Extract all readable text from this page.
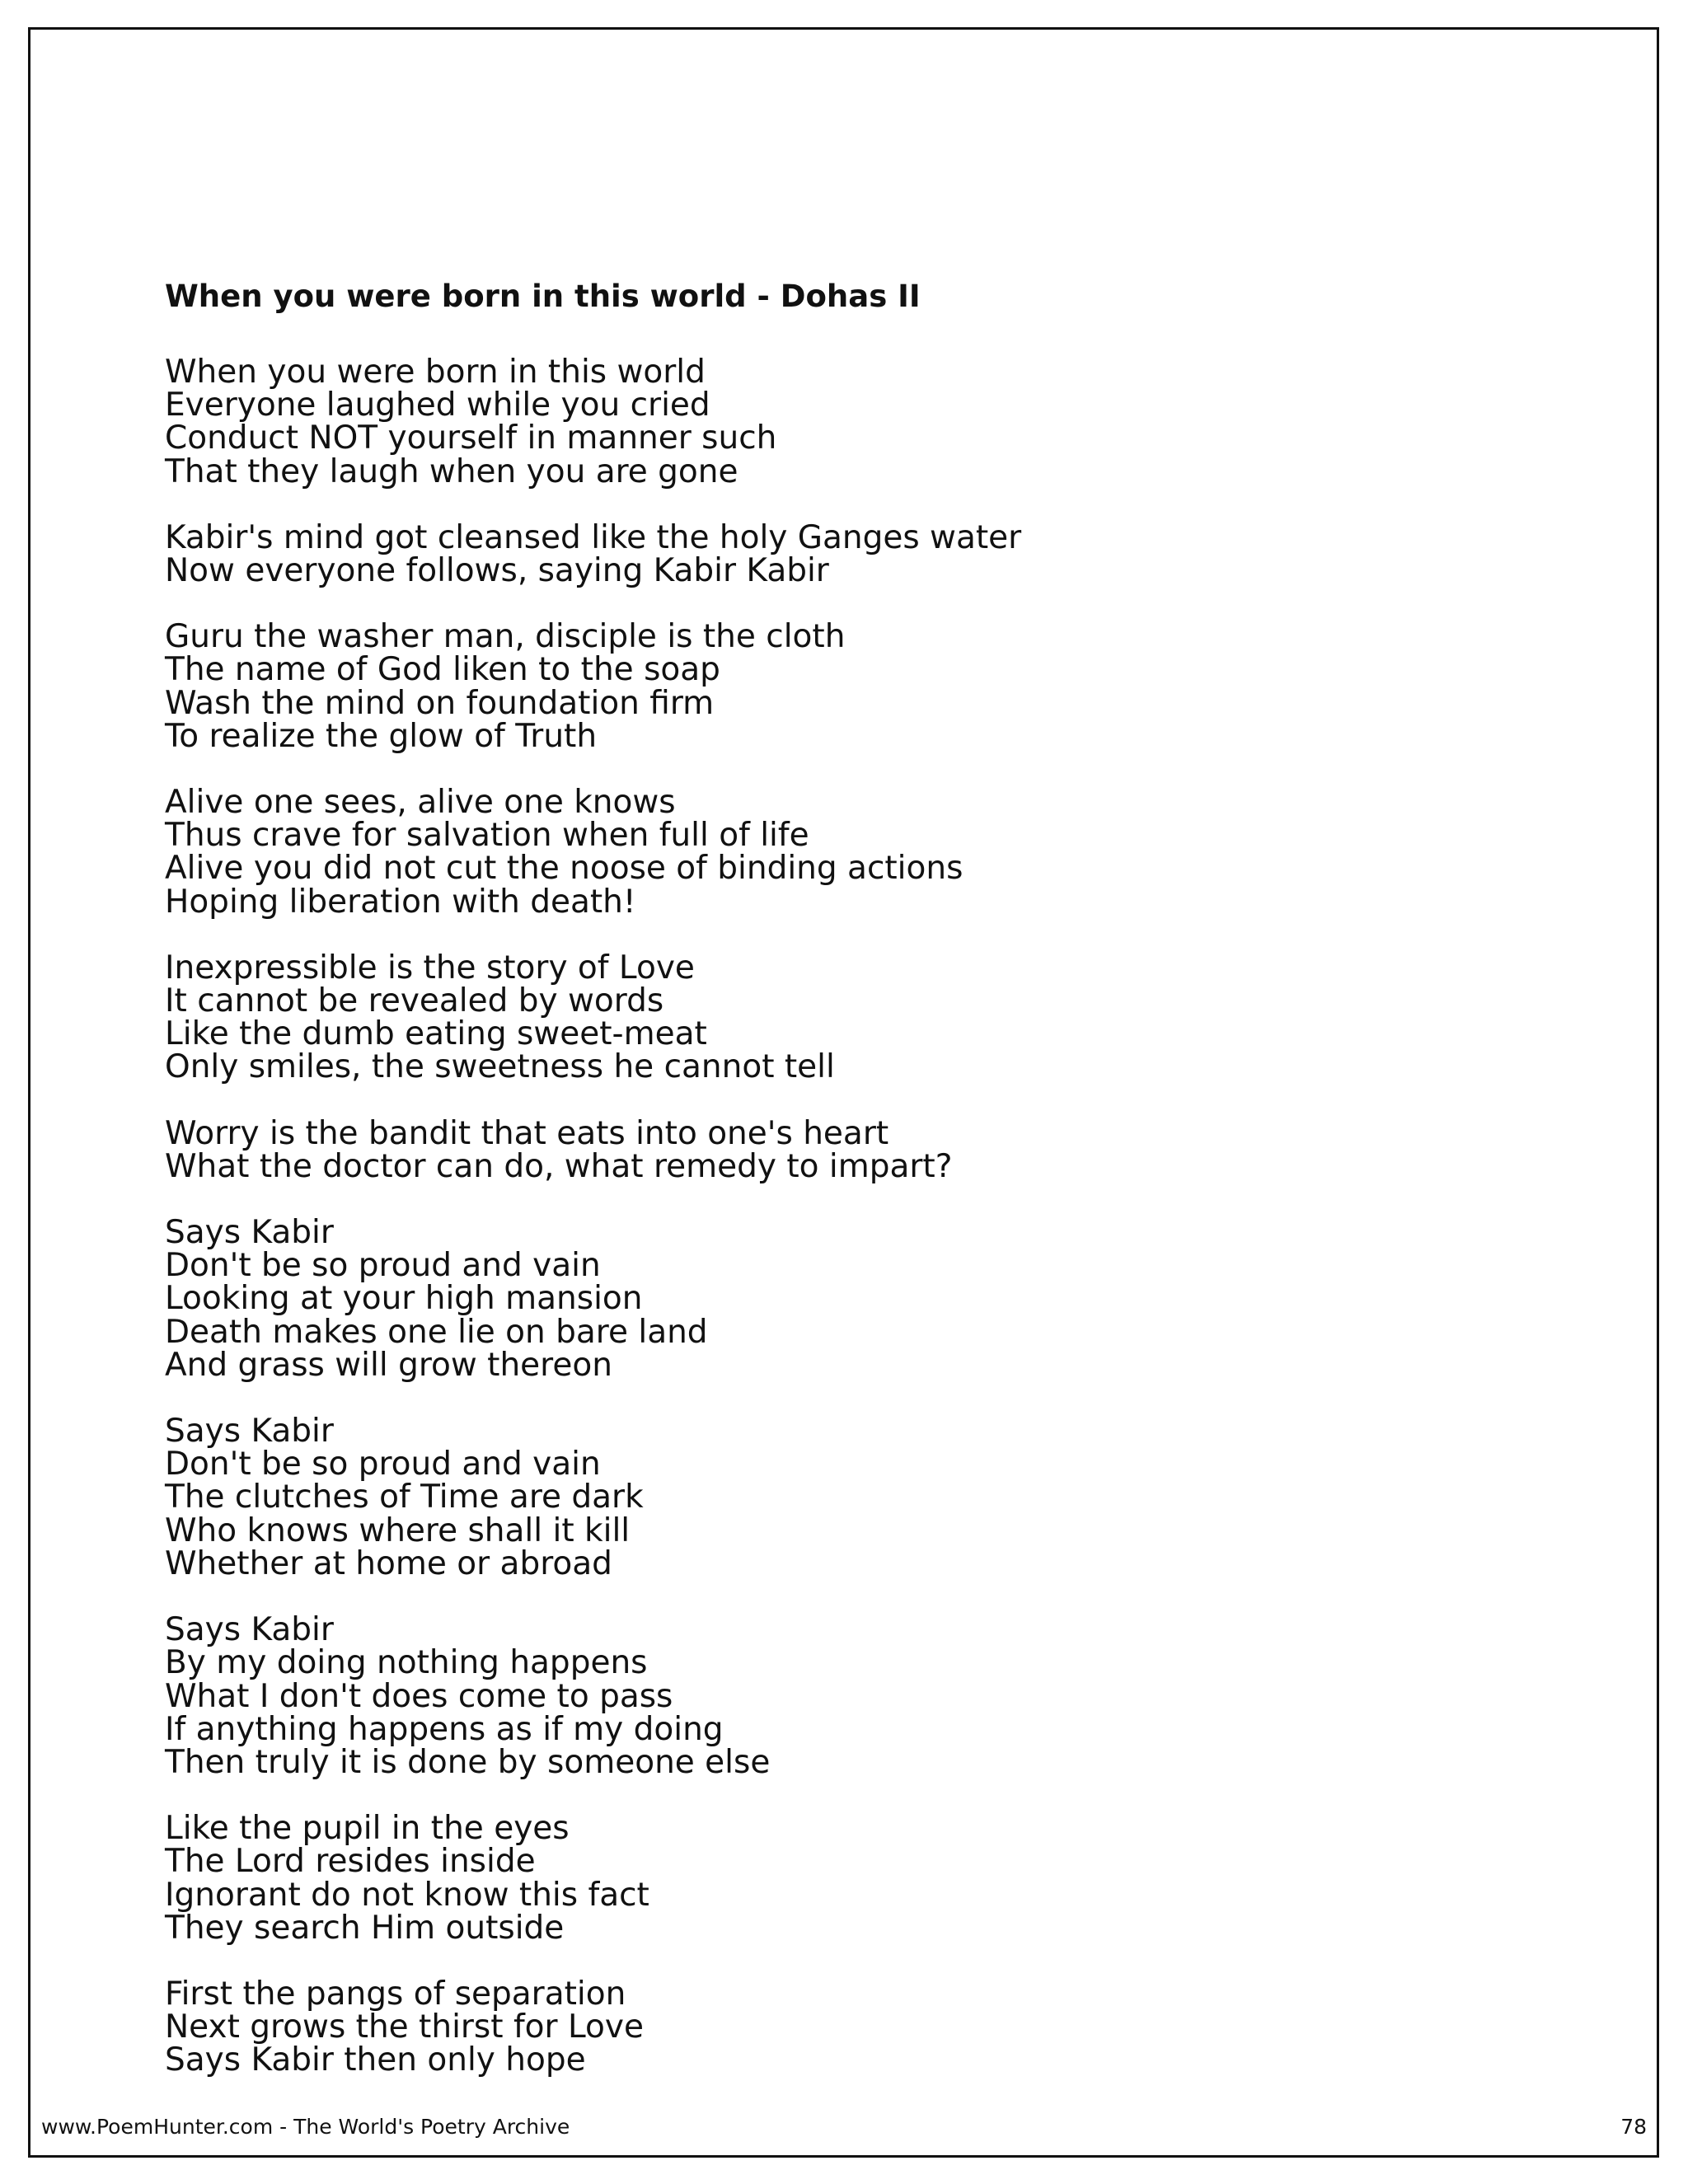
When you were born in this world - Dohas II
When you were born in this world
Everyone laughed while you cried
Conduct NOT yourself in manner such
That they laugh when you are gone
Kabir's mind got cleansed like the holy Ganges water
Now everyone follows, saying Kabir Kabir
Guru the washer man, disciple is the cloth
The name of God liken to the soap
Wash the mind on foundation firm
To realize the glow of Truth
Alive one sees, alive one knows
Thus crave for salvation when full of life
Alive you did not cut the noose of binding actions
Hoping liberation with death!
Inexpressible is the story of Love
It cannot be revealed by words
Like the dumb eating sweet-meat
Only smiles, the sweetness he cannot tell
Worry is the bandit that eats into one's heart
What the doctor can do, what remedy to impart?
Says Kabir
Don't be so proud and vain
Looking at your high mansion
Death makes one lie on bare land
And grass will grow thereon
Says Kabir
Don't be so proud and vain
The clutches of Time are dark
Who knows where shall it kill
Whether at home or abroad
Says Kabir
By my doing nothing happens
What I don't does come to pass
If anything happens as if my doing
Then truly it is done by someone else
Like the pupil in the eyes
The Lord resides inside
Ignorant do not know this fact
They search Him outside
First the pangs of separation
Next grows the thirst for Love
Says Kabir then only hope
www.PoemHunter.com - The World's Poetry Archive	78
